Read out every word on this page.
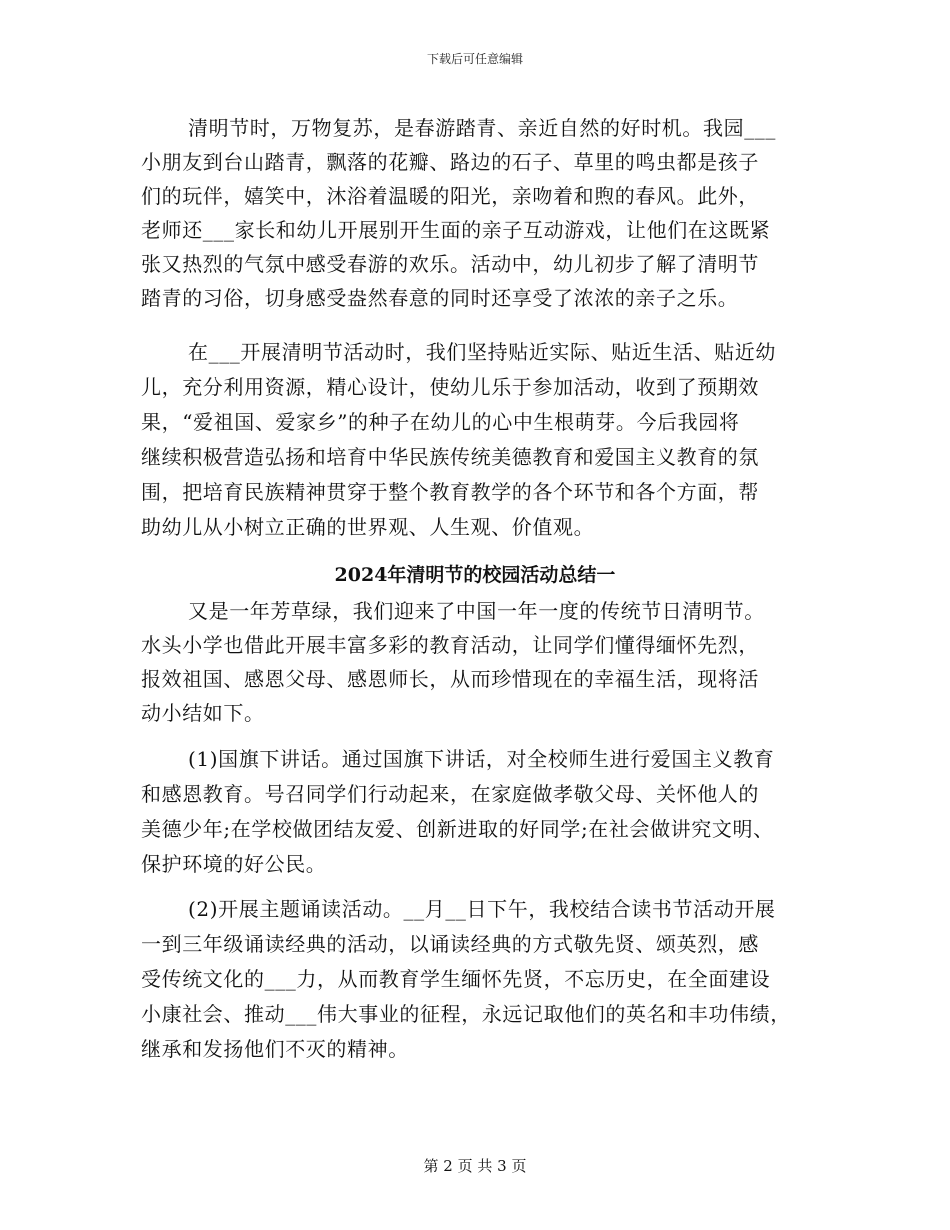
下载后可任意编辑
清明节时，万物复苏，是春游踏青、亲近自然的好时机。我园___
小朋友到台山踏青，飘落的花瓣、路边的石子、草里的鸣虫都是孩子
们的玩伴，嬉笑中，沐浴着温暖的阳光，亲吻着和煦的春风。此外，
老师还___家长和幼儿开展别开生面的亲子互动游戏，让他们在这既紧
张又热烈的气氛中感受春游的欢乐。活动中，幼儿初步了解了清明节
踏青的习俗，切身感受盎然春意的同时还享受了浓浓的亲子之乐。
在___开展清明节活动时，我们坚持贴近实际、贴近生活、贴近幼
儿，充分利用资源，精心设计，使幼儿乐于参加活动，收到了预期效
果，“爱祖国、爱家乡”的种子在幼儿的心中生根萌芽。今后我园将
继续积极营造弘扬和培育中华民族传统美德教育和爱国主义教育的氛
围，把培育民族精神贯穿于整个教育教学的各个环节和各个方面，帮
助幼儿从小树立正确的世界观、人生观、价值观。
2024年清明节的校园活动总结一
又是一年芳草绿，我们迎来了中国一年一度的传统节日清明节。
水头小学也借此开展丰富多彩的教育活动，让同学们懂得缅怀先烈，
报效祖国、感恩父母、感恩师长，从而珍惜现在的幸福生活，现将活
动小结如下。
(1)国旗下讲话。通过国旗下讲话，对全校师生进行爱国主义教育
和感恩教育。号召同学们行动起来，在家庭做孝敬父母、关怀他人的
美德少年;在学校做团结友爱、创新进取的好同学;在社会做讲究文明、
保护环境的好公民。
(2)开展主题诵读活动。__月__日下午，我校结合读书节活动开展
一到三年级诵读经典的活动，以诵读经典的方式敬先贤、颂英烈，感
受传统文化的___力，从而教育学生缅怀先贤，不忘历史，在全面建设
小康社会、推动___伟大事业的征程，永远记取他们的英名和丰功伟绩，
继承和发扬他们不灭的精神。
第 2 页 共 3 页
